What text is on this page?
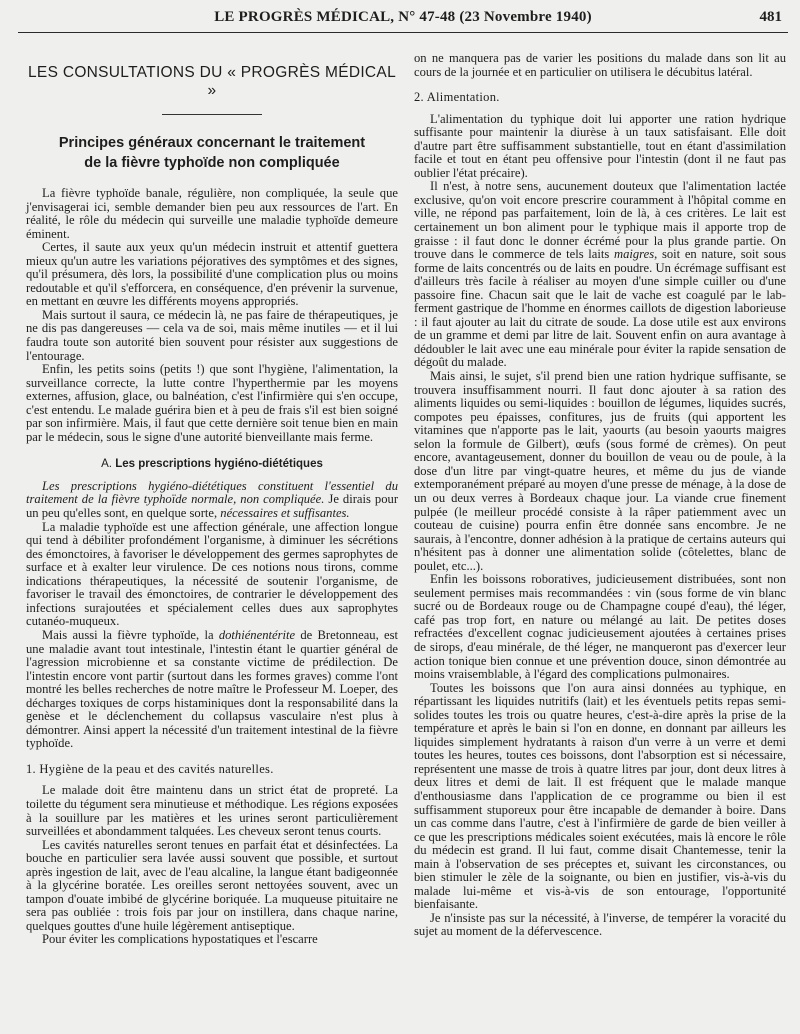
LE PROGRÈS MÉDICAL, N° 47-48 (23 Novembre 1940)	481
LES CONSULTATIONS DU « PROGRÈS MÉDICAL »
Principes généraux concernant le traitement
de la fièvre typhoïde non compliquée

La fièvre typhoïde banale, régulière, non compliquée, la seule que j'envisagerai ici, semble demander bien peu aux ressources de l'art. En réalité, le rôle du médecin qui surveille une maladie typhoïde demeure éminent.

Certes, il saute aux yeux qu'un médecin instruit et attentif guettera mieux qu'un autre les variations péjoratives des symptômes et des signes, qu'il présumera, dès lors, la possibilité d'une complication plus ou moins redoutable et qu'il s'efforcera, en conséquence, d'en prévenir la survenue, en mettant en œuvre les différents moyens appropriés.

Mais surtout il saura, ce médecin là, ne pas faire de thérapeutiques, je ne dis pas dangereuses — cela va de soi, mais même inutiles — et il lui faudra toute son autorité bien souvent pour résister aux suggestions de l'entourage.

Enfin, les petits soins (petits !) que sont l'hygiène, l'alimentation, la surveillance correcte, la lutte contre l'hyperthermie par les moyens externes, affusion, glace, ou balnéation, c'est l'infirmière qui s'en occupe, c'est entendu. Le malade guérira bien et à peu de frais s'il est bien soigné par son infirmière. Mais, il faut que cette dernière soit tenue bien en main par le médecin, sous le signe d'une autorité bienveillante mais ferme.

A. Les prescriptions hygiéno-diététiques

Les prescriptions hygiéno-diététiques constituent l'essentiel du traitement de la fièvre typhoïde normale, non compliquée. Je dirais pour un peu qu'elles sont, en quelque sorte, nécessaires et suffisantes.

La maladie typhoïde est une affection générale, une affection longue qui tend à débiliter profondément l'organisme, à diminuer les sécrétions des émonctoires, à favoriser le développement des germes saprophytes de surface et à exalter leur virulence. De ces notions nous tirons, comme indications thérapeutiques, la nécessité de soutenir l'organisme, de favoriser le travail des émonctoires, de contrarier le développement des infections surajoutées et spécialement celles dues aux saprophytes cutanéo-muqueux.

Mais aussi la fièvre typhoïde, la dothiénentérite de Bretonneau, est une maladie avant tout intestinale, l'intestin étant le quartier général de l'agression microbienne et sa constante victime de prédilection. De l'intestin encore vont partir (surtout dans les formes graves) comme l'ont montré les belles recherches de notre maître le Professeur M. Loeper, des décharges toxiques de corps histaminiques dont la responsabilité dans la genèse et le déclenchement du collapsus vasculaire n'est plus à démontrer. Ainsi appert la nécessité d'un traitement intestinal de la fièvre typhoïde.

1. Hygiène de la peau et des cavités naturelles.

Le malade doit être maintenu dans un strict état de propreté. La toilette du tégument sera minutieuse et méthodique. Les régions exposées à la souillure par les matières et les urines seront particulièrement surveillées et abondamment talquées. Les cheveux seront tenus courts.

Les cavités naturelles seront tenues en parfait état et désinfectées. La bouche en particulier sera lavée aussi souvent que possible, et surtout après ingestion de lait, avec de l'eau alcaline, la langue étant badigeonnée à la glycérine boratée. Les oreilles seront nettoyées souvent, avec un tampon d'ouate imbibé de glycérine boriquée. La muqueuse pituitaire ne sera pas oubliée : trois fois par jour on instillera, dans chaque narine, quelques gouttes d'une huile légèrement antiseptique.

Pour éviter les complications hypostatiques et l'escarre

on ne manquera pas de varier les positions du malade dans son lit au cours de la journée et en particulier on utilisera le décubitus latéral.

2. Alimentation.

L'alimentation du typhique doit lui apporter une ration hydrique suffisante pour maintenir la diurèse à un taux satisfaisant. Elle doit d'autre part être suffisamment substantielle, tout en étant d'assimilation facile et tout en étant peu offensive pour l'intestin (dont il ne faut pas oublier l'état précaire).

Il n'est, à notre sens, aucunement douteux que l'alimentation lactée exclusive, qu'on voit encore prescrire couramment à l'hôpital comme en ville, ne répond pas parfaitement, loin de là, à ces critères. Le lait est certainement un bon aliment pour le typhique mais il apporte trop de graisse : il faut donc le donner écrémé pour la plus grande partie. On trouve dans le commerce de tels laits maigres, soit en nature, soit sous forme de laits concentrés ou de laits en poudre. Un écrémage suffisant est d'ailleurs très facile à réaliser au moyen d'une simple cuiller ou d'une passoire fine. Chacun sait que le lait de vache est coagulé par le lab-ferment gastrique de l'homme en énormes caillots de digestion laborieuse : il faut ajouter au lait du citrate de soude. La dose utile est aux environs de un gramme et demi par litre de lait. Souvent enfin on aura avantage à dédoubler le lait avec une eau minérale pour éviter la rapide sensation de dégoût du malade.

Mais ainsi, le sujet, s'il prend bien une ration hydrique suffisante, se trouvera insuffisamment nourri. Il faut donc ajouter à sa ration des aliments liquides ou semi-liquides : bouillon de légumes, liquides sucrés, compotes peu épaisses, confitures, jus de fruits (qui apportent les vitamines que n'apporte pas le lait, yaourts (au besoin yaourts maigres selon la formule de Gilbert), œufs (sous formé de crèmes). On peut encore, avantageusement, donner du bouillon de veau ou de poule, à la dose d'un litre par vingt-quatre heures, et même du jus de viande extemporanément préparé au moyen d'une presse de ménage, à la dose de un ou deux verres à Bordeaux chaque jour. La viande crue finement pulpée (le meilleur procédé consiste à la râper patiemment avec un couteau de cuisine) pourra enfin être donnée sans encombre. Je ne saurais, à l'encontre, donner adhésion à la pratique de certains auteurs qui n'hésitent pas à donner une alimentation solide (côtelettes, blanc de poulet, etc...).

Enfin les boissons roboratives, judicieusement distribuées, sont non seulement permises mais recommandées : vin (sous forme de vin blanc sucré ou de Bordeaux rouge ou de Champagne coupé d'eau), thé léger, café pas trop fort, en nature ou mélangé au lait. De petites doses refractées d'excellent cognac judicieusement ajoutées à certaines prises de sirops, d'eau minérale, de thé léger, ne manqueront pas d'exercer leur action tonique bien connue et une prévention douce, sinon démontrée au moins vraisemblable, à l'égard des complications pulmonaires.

Toutes les boissons que l'on aura ainsi données au typhique, en répartissant les liquides nutritifs (lait) et les éventuels petits repas semi-solides toutes les trois ou quatre heures, c'est-à-dire après la prise de la température et après le bain si l'on en donne, en donnant par ailleurs les liquides simplement hydratants à raison d'un verre à un verre et demi toutes les heures, toutes ces boissons, dont l'absorption est si nécessaire, représentent une masse de trois à quatre litres par jour, dont deux litres à deux litres et demi de lait. Il est fréquent que le malade manque d'enthousiasme dans l'application de ce programme ou bien il est suffisamment stuporeux pour être incapable de demander à boire. Dans un cas comme dans l'autre, c'est à l'infirmière de garde de bien veiller à ce que les prescriptions médicales soient exécutées, mais là encore le rôle du médecin est grand. Il lui faut, comme disait Chantemesse, tenir la main à l'observation de ses préceptes et, suivant les circonstances, ou bien stimuler le zèle de la soignante, ou bien en justifier, vis-à-vis du malade lui-même et vis-à-vis de son entourage, l'opportunité bienfaisante.

Je n'insiste pas sur la nécessité, à l'inverse, de tempérer la voracité du sujet au moment de la défervescence.
